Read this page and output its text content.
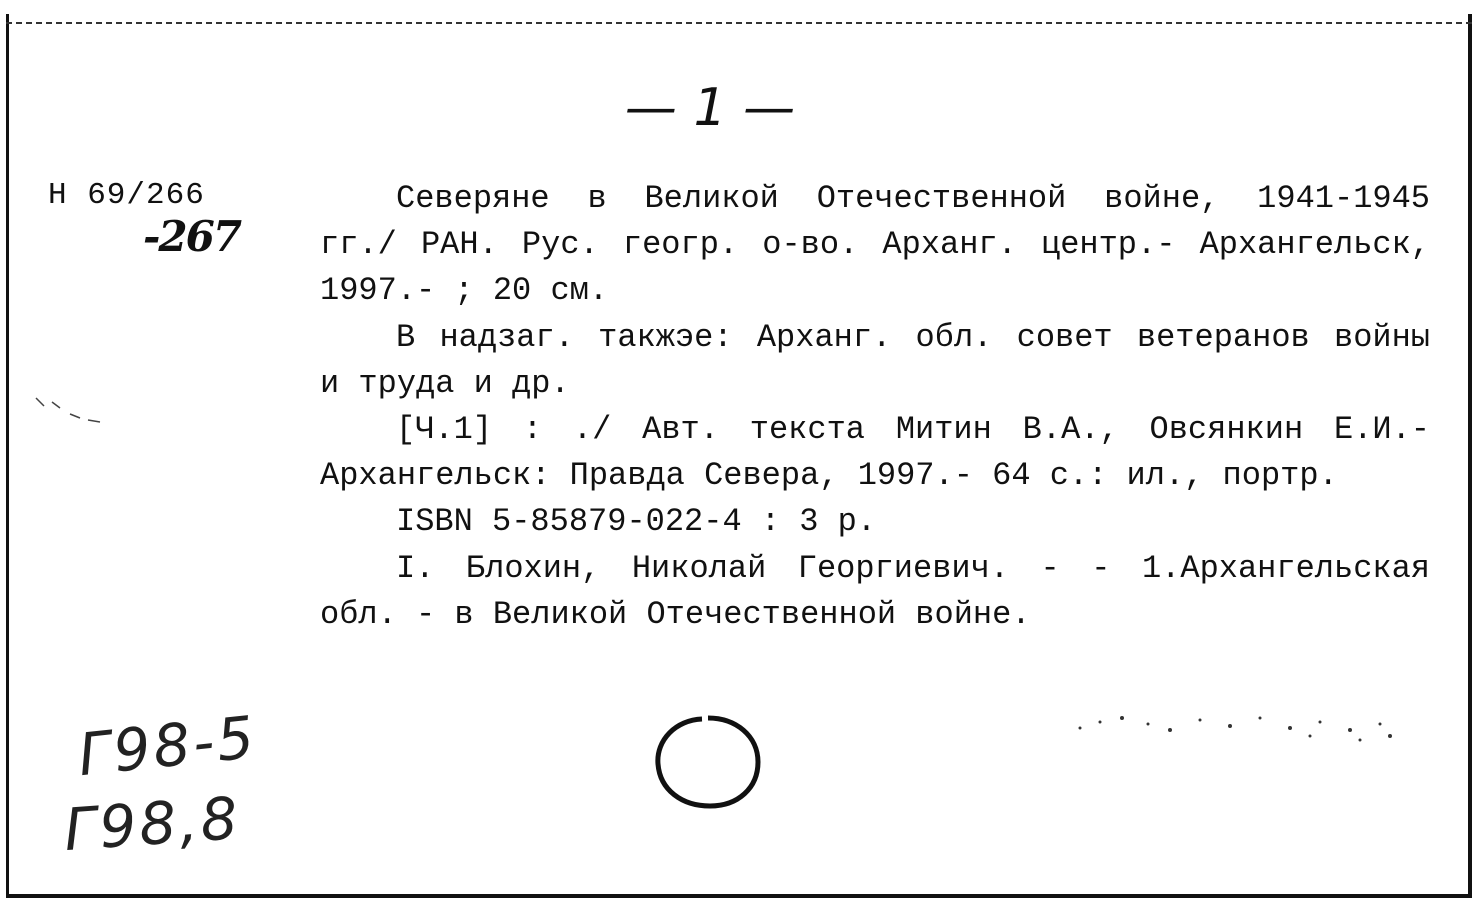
— 1 —
Н 69/266
-267

Северяне в Великой Отечественной войне, 1941-1945 гг./ РАН. Рус. геогр. о-во. Арханг. центр.- Архангельск, 1997.- ; 20 см.

В надзаг. такжэе: Арханг. обл. совет ветеранов войны и труда и др.

[Ч.1] : ./ Авт. текста Митин В.А., Овсянкин Е.И.- Архангельск: Правда Севера, 1997.- 64 с.: ил., портр.

ISBN 5-85879-022-4 : 3 р.

I. Блохин, Николай Георгиевич. - - 1.Архангельская обл. - в Великой Отечественной войне.

Г98-5
Г98,8
